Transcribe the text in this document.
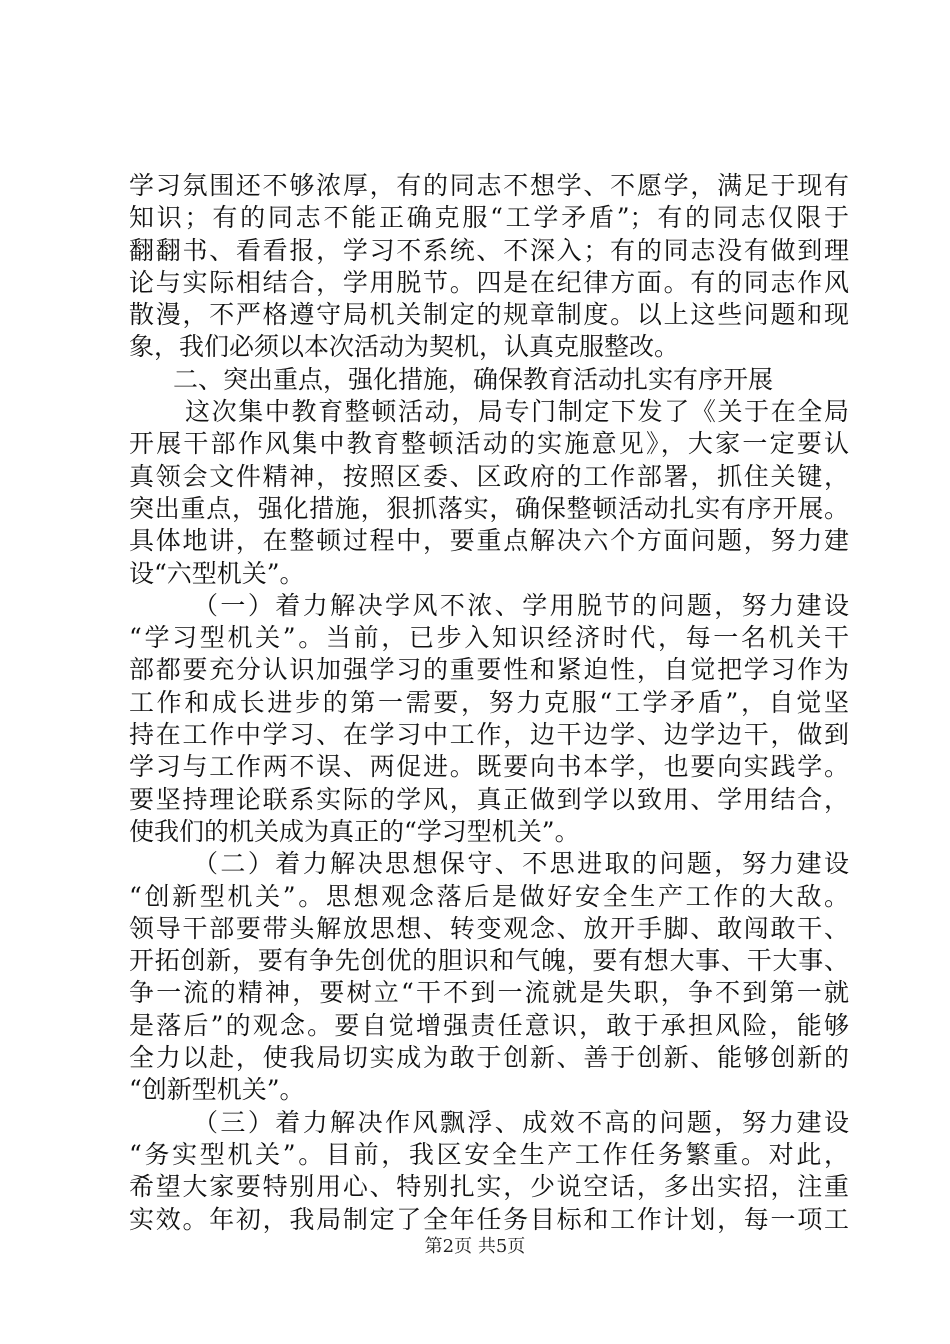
学习氛围还不够浓厚，有的同志不想学、不愿学，满足于现有
知识；有的同志不能正确克服“工学矛盾”；有的同志仅限于
翻翻书、看看报，学习不系统、不深入；有的同志没有做到理
论与实际相结合，学用脱节。四是在纪律方面。有的同志作风
散漫，不严格遵守局机关制定的规章制度。以上这些问题和现
象，我们必须以本次活动为契机，认真克服整改。
二、突出重点，强化措施，确保教育活动扎实有序开展
这次集中教育整顿活动，局专门制定下发了《关于在全局
开展干部作风集中教育整顿活动的实施意见》，大家一定要认
真领会文件精神，按照区委、区政府的工作部署，抓住关键，
突出重点，强化措施，狠抓落实，确保整顿活动扎实有序开展。
具体地讲，在整顿过程中，要重点解决六个方面问题，努力建
设“六型机关”。
（一）着力解决学风不浓、学用脱节的问题，努力建设
“学习型机关”。当前，已步入知识经济时代，每一名机关干
部都要充分认识加强学习的重要性和紧迫性，自觉把学习作为
工作和成长进步的第一需要，努力克服“工学矛盾”，自觉坚
持在工作中学习、在学习中工作，边干边学、边学边干，做到
学习与工作两不误、两促进。既要向书本学，也要向实践学。
要坚持理论联系实际的学风，真正做到学以致用、学用结合，
使我们的机关成为真正的“学习型机关”。
（二）着力解决思想保守、不思进取的问题，努力建设
“创新型机关”。思想观念落后是做好安全生产工作的大敌。
领导干部要带头解放思想、转变观念、放开手脚、敢闯敢干、
开拓创新，要有争先创优的胆识和气魄，要有想大事、干大事、
争一流的精神，要树立“干不到一流就是失职，争不到第一就
是落后”的观念。要自觉增强责任意识，敢于承担风险，能够
全力以赴，使我局切实成为敢于创新、善于创新、能够创新的
“创新型机关”。
（三）着力解决作风飘浮、成效不高的问题，努力建设
“务实型机关”。目前，我区安全生产工作任务繁重。对此，
希望大家要特别用心、特别扎实，少说空话，多出实招，注重
实效。年初，我局制定了全年任务目标和工作计划，每一项工
第2页 共5页
